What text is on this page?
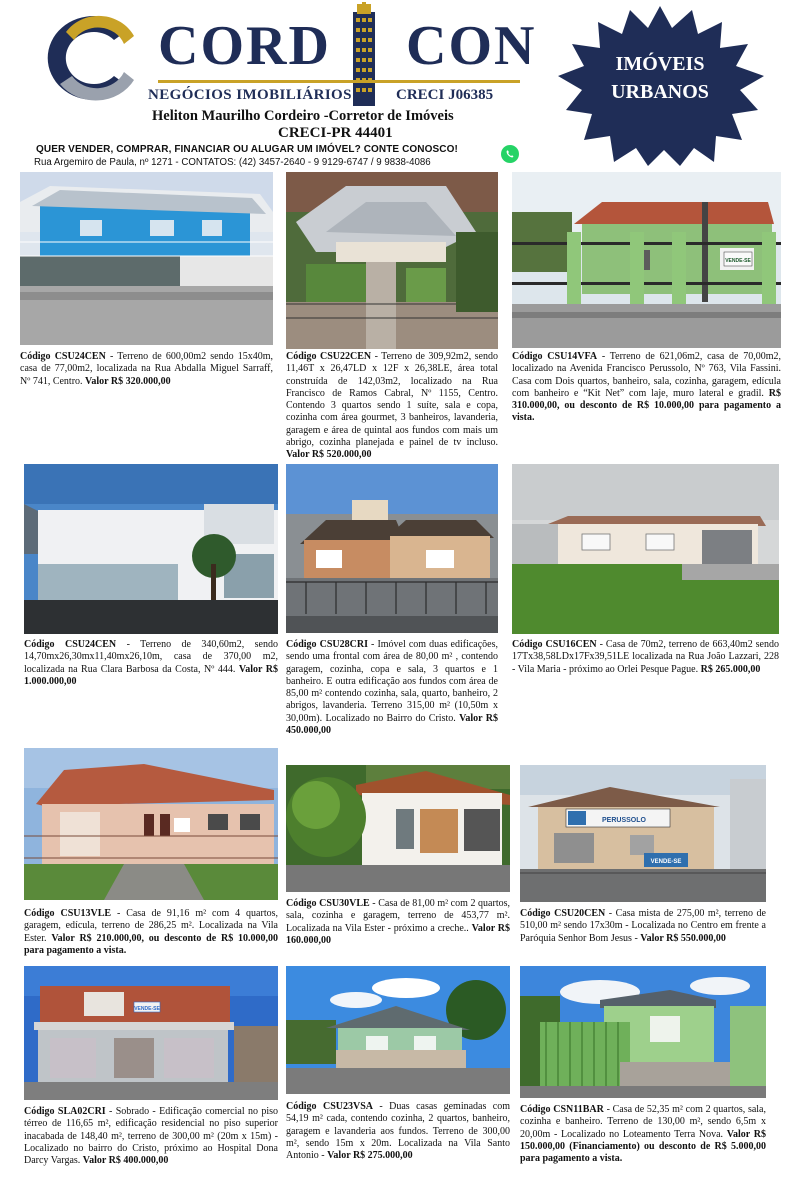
CORD CON
NEGÓCIOS IMOBILIÁRIOS	CRECI J06385
Heliton Maurilho Cordeiro -Corretor de Imóveis
CRECI-PR 44401
QUER VENDER, COMPRAR, FINANCIAR OU ALUGAR UM IMÓVEL? CONTE CONOSCO!
Rua Argemiro de Paula, nº 1271 - CONTATOS: (42) 3457-2640 - 9 9129-6747 / 9 9838-4086
IMÓVEIS
URBANOS
VENDE-SE
Código CSU24CEN - Terreno de 600,00m2 sendo 15x40m, casa de 77,00m2, localizada na Rua Abdalla Miguel Sarraff, Nº 741, Centro. Valor R$ 320.000,00
Código CSU22CEN - Terreno de 309,92m2, sendo 11,46T x 26,47LD x 12F x 26,38LE, área total construída de 142,03m2, localizado na Rua Francisco de Ramos Cabral, Nº 1155, Centro. Contendo 3 quartos sendo 1 suíte, sala e copa, cozinha com área gourmet, 3 banheiros, lavanderia, garagem e área de quintal aos fundos com mais um abrigo, cozinha planejada e painel de tv incluso. Valor R$ 520.000,00
Código CSU14VFA - Terreno de 621,06m2, casa de 70,00m2, localizado na Avenida Francisco Perussolo, Nº 763, Vila Fassini. Casa com Dois quartos, banheiro, sala, cozinha, garagem, edícula com banheiro e “Kit Net” com laje, muro lateral e gradil. R$ 310.000,00, ou desconto de R$ 10.000,00 para pagamento a vista.
Código CSU24CEN - Terreno de 340,60m2, sendo 14,70mx26,30mx11,40mx26,10m, casa de 370,00 m2, localizada na Rua Clara Barbosa da Costa, Nº 444. Valor R$ 1.000.000,00
Código CSU28CRI - Imóvel com duas edificações, sendo uma frontal com área de 80,00 m² , contendo garagem, cozinha, copa e sala, 3 quartos e 1 banheiro. E outra edificação aos fundos com área de 85,00 m² contendo cozinha, sala, quarto, banheiro, 2 abrigos, lavanderia. Terreno 315,00 m² (10,50m x 30,00m). Localizado no Bairro do Cristo. Valor R$ 450.000,00
Código CSU16CEN - Casa de 70m2, terreno de 663,40m2 sendo 17Tx38,58LDx17Fx39,51LE localizada na Rua João Lazzari, 228 - Vila Maria - próximo ao Orlei Pesque Pague. R$ 265.000,00
PERUSSOLO
VENDE-SE
Código CSU13VLE - Casa de 91,16 m² com 4 quartos, garagem, edícula, terreno de 286,25 m². Localizada na Vila Ester. Valor R$ 210.000,00, ou desconto de R$ 10.000,00 para pagamento a vista.
Código CSU30VLE - Casa de 81,00 m² com 2 quartos, sala, cozinha e garagem, terreno de 453,77 m². Localizada na Vila Ester - próximo a creche.. Valor R$ 160.000,00
Código CSU20CEN - Casa mista de 275,00 m², terreno de 510,00 m² sendo 17x30m - Localizada no Centro em frente a Paróquia Senhor Bom Jesus - Valor R$ 550.000,00
VENDE-SE
Código SLA02CRI - Sobrado - Edificação comercial no piso térreo de 116,65 m², edificação residencial no piso superior inacabada de 148,40 m², terreno de 300,00 m² (20m x 15m) - Localizado no bairro do Cristo, próximo ao Hospital Dona Darcy Vargas. Valor R$ 400.000,00
Código CSU23VSA - Duas casas geminadas com 54,19 m² cada, contendo cozinha, 2 quartos, banheiro, garagem e lavanderia aos fundos. Terreno de 300,00 m², sendo 15m x 20m. Localizada na Vila Santo Antonio - Valor R$ 275.000,00
Código CSN11BAR - Casa de 52,35 m² com 2 quartos, sala, cozinha e banheiro. Terreno de 130,00 m², sendo 6,5m x 20,00m - Localizado no Loteamento Terra Nova. Valor R$ 150.000,00 (Financiamento) ou desconto de R$ 5.000,00 para pagamento a vista.
